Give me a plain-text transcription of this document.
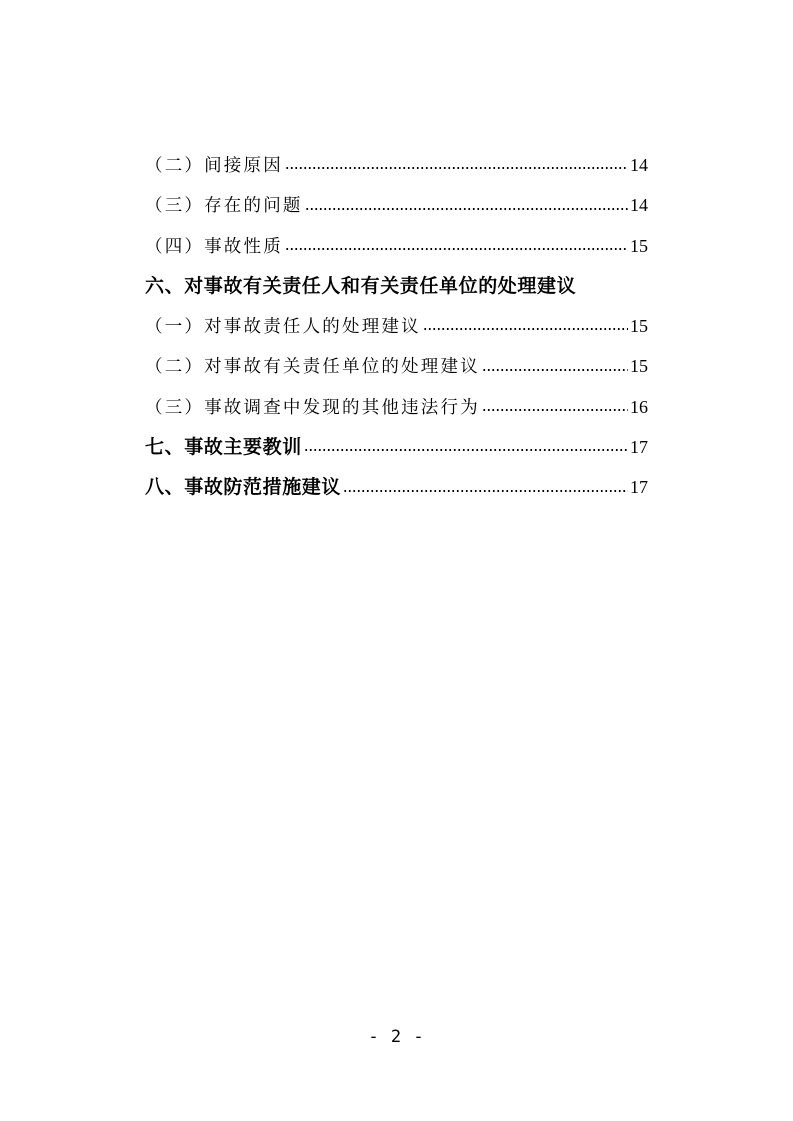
（二）间接原因	14
（三）存在的问题	14
（四）事故性质	15
六、对事故有关责任人和有关责任单位的处理建议
（一）对事故责任人的处理建议	15
（二）对事故有关责任单位的处理建议	15
（三）事故调查中发现的其他违法行为	16
七、事故主要教训	17
八、事故防范措施建议	17
- 2 -
